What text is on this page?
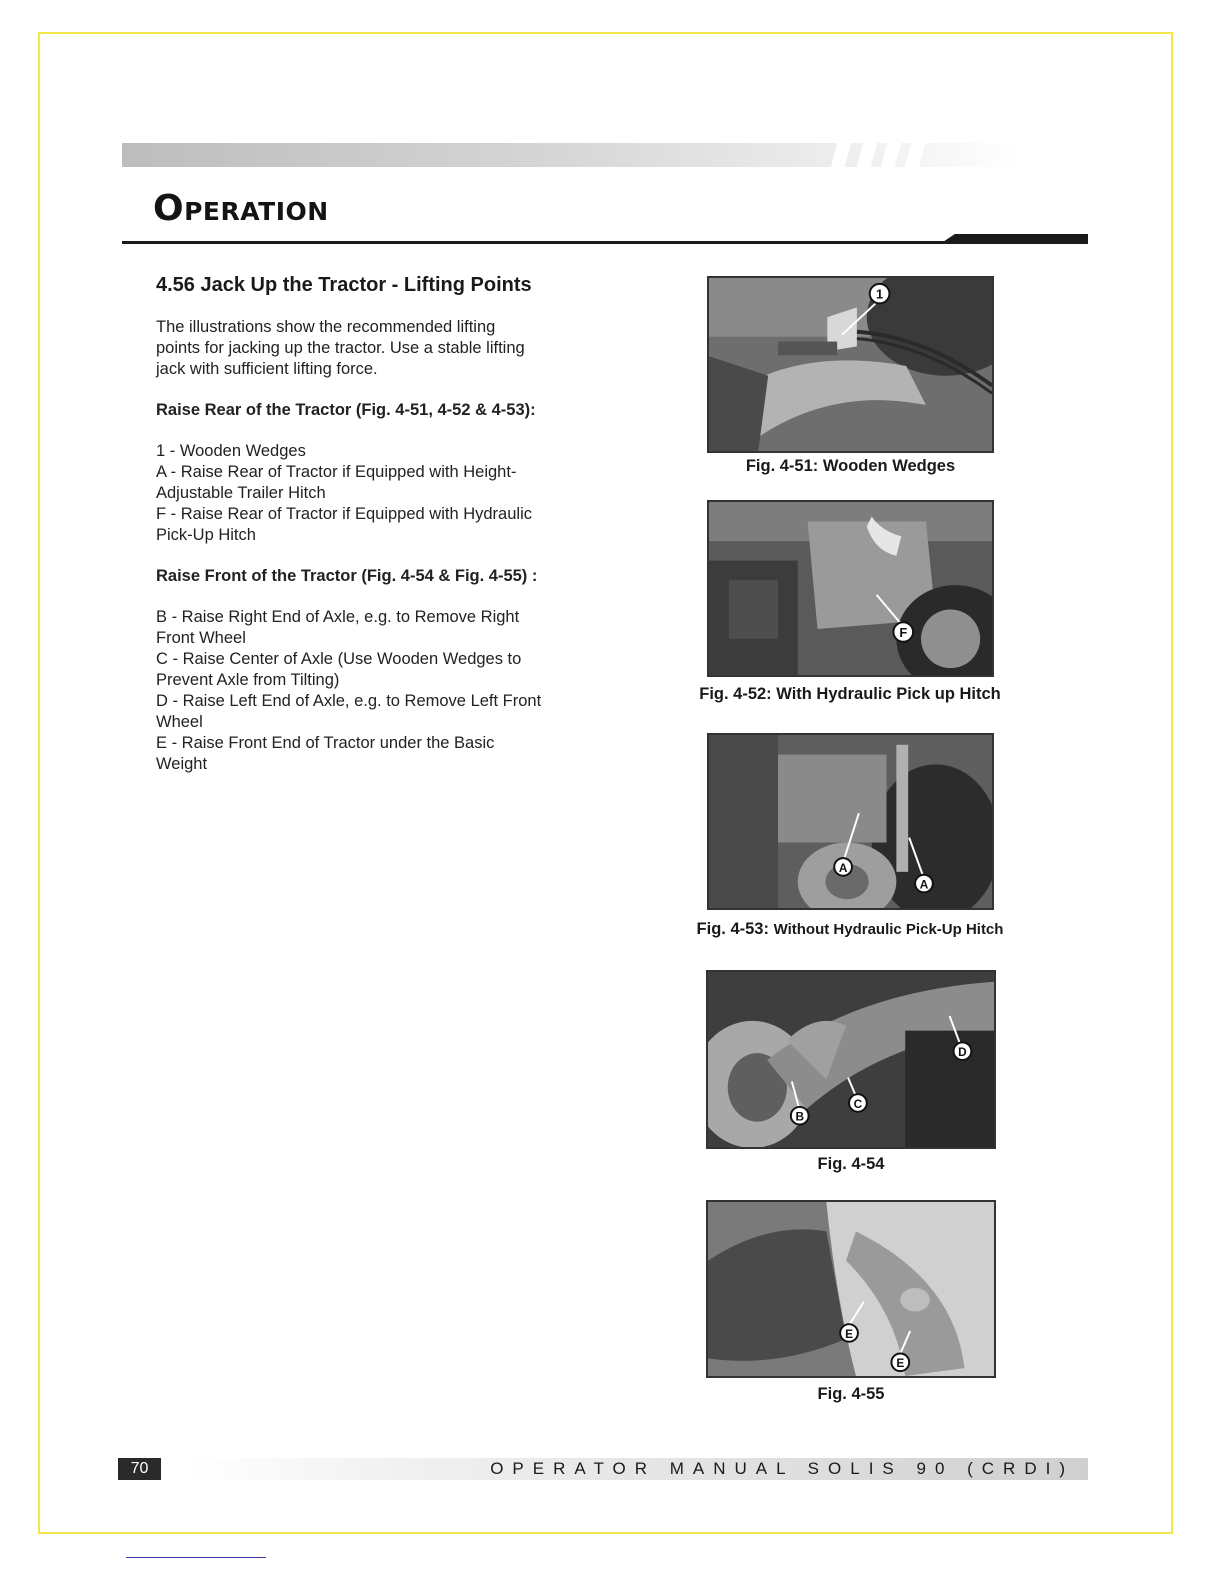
Operation
4.56 Jack Up the Tractor - Lifting Points

The illustrations show the recommended lifting

points for jacking up the tractor. Use a stable lifting

jack with sufficient lifting force.

Raise Rear of the Tractor (Fig. 4-51, 4-52 & 4-53):

1 - Wooden Wedges

A - Raise Rear of Tractor if Equipped with Height-

Adjustable Trailer Hitch

F - Raise Rear of Tractor if Equipped with Hydraulic

Pick-Up Hitch

Raise Front of the Tractor (Fig. 4-54 & Fig. 4-55) :

B - Raise Right End of Axle, e.g. to Remove Right

Front Wheel

C - Raise Center of Axle (Use Wooden Wedges to

Prevent Axle from Tilting)

D - Raise Left End of Axle, e.g. to Remove Left Front

Wheel

E - Raise Front End of Tractor under the Basic

Weight

1
Fig. 4-51: Wooden Wedges
F
Fig. 4-52: With Hydraulic Pick up Hitch
A
A
Fig. 4-53: Without Hydraulic Pick-Up Hitch
D
C
B
Fig. 4-54
E
E
Fig. 4-55
70	OPERATOR MANUAL SOLIS 90 (CRDI)
